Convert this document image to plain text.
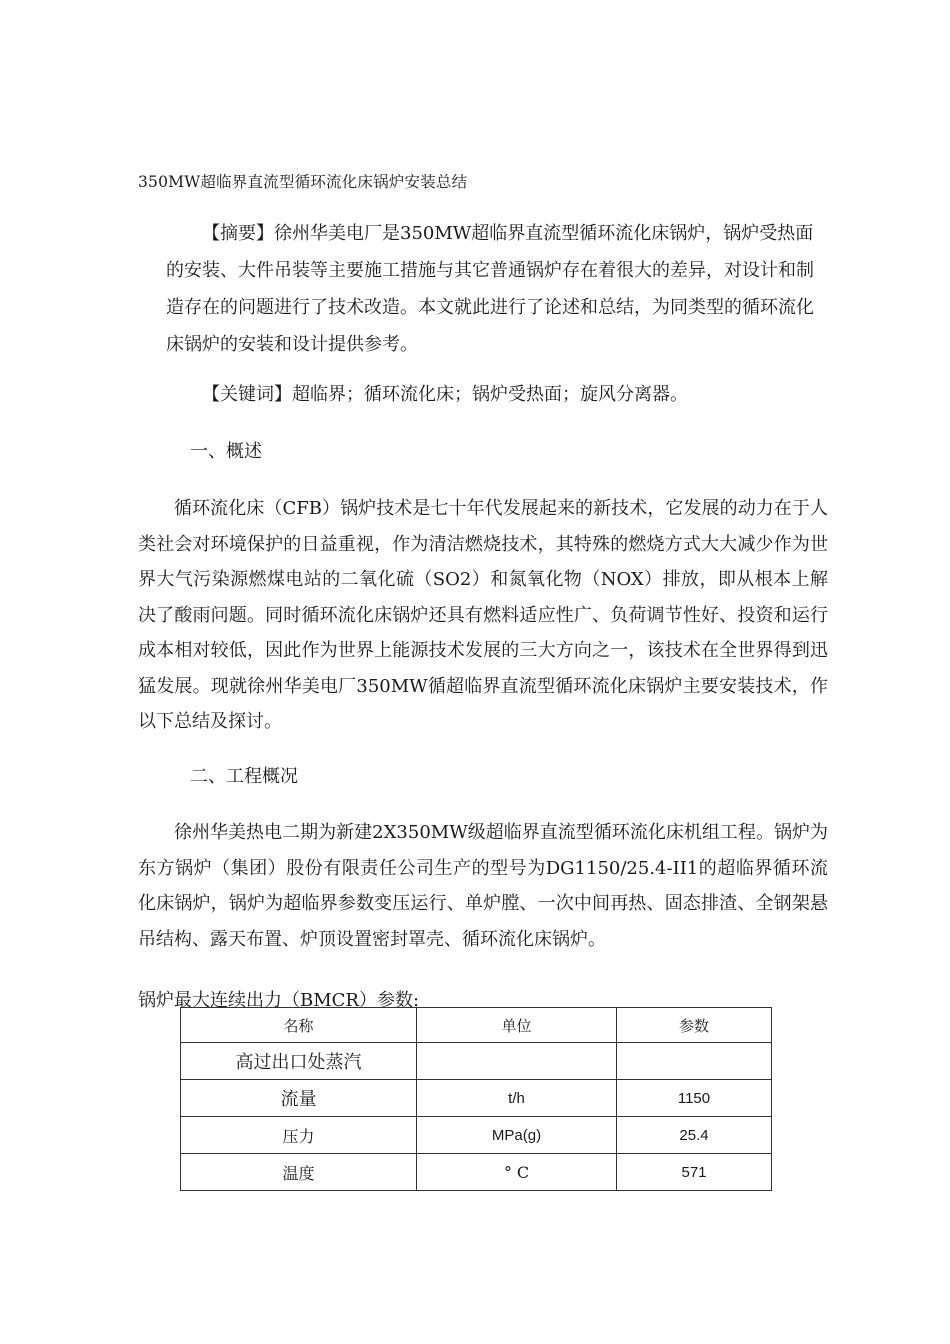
350MW超临界直流型循环流化床锅炉安装总结
【摘要】徐州华美电厂是350MW超临界直流型循环流化床锅炉，锅炉受热面的安装、大件吊装等主要施工措施与其它普通锅炉存在着很大的差异，对设计和制造存在的问题进行了技术改造。本文就此进行了论述和总结，为同类型的循环流化床锅炉的安装和设计提供参考。
【关键词】超临界；循环流化床；锅炉受热面；旋风分离器。
一、概述
循环流化床（CFB）锅炉技术是七十年代发展起来的新技术，它发展的动力在于人类社会对环境保护的日益重视，作为清洁燃烧技术，其特殊的燃烧方式大大减少作为世界大气污染源燃煤电站的二氧化硫（SO2）和氮氧化物（NOX）排放，即从根本上解决了酸雨问题。同时循环流化床锅炉还具有燃料适应性广、负荷调节性好、投资和运行成本相对较低，因此作为世界上能源技术发展的三大方向之一，该技术在全世界得到迅猛发展。现就徐州华美电厂350MW循超临界直流型循环流化床锅炉主要安装技术，作以下总结及探讨。
二、工程概况
徐州华美热电二期为新建2X350MW级超临界直流型循环流化床机组工程。锅炉为东方锅炉（集团）股份有限责任公司生产的型号为DG1150/25.4-II1的超临界循环流化床锅炉，锅炉为超临界参数变压运行、单炉膛、一次中间再热、固态排渣、全钢架悬吊结构、露天布置、炉顶设置密封罩壳、循环流化床锅炉。
锅炉最大连续出力（BMCR）参数:
名称	单位	参数
高过出口处蒸汽		
流量	t/h	1150
压力	MPa(g)	25.4
温度	° C	571
